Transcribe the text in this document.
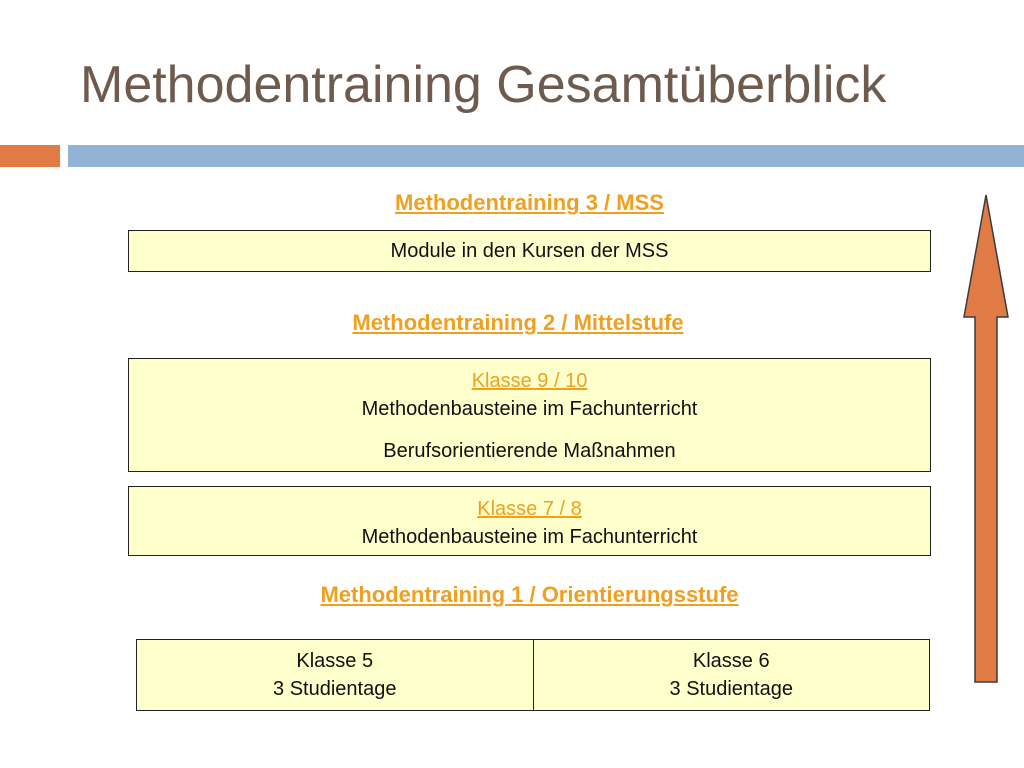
Methodentraining Gesamtüberblick
Methodentraining 3 / MSS
Module in den Kursen der MSS
Methodentraining 2 / Mittelstufe
Klasse 9 / 10
Methodenbausteine im Fachunterricht
Berufsorientierende Maßnahmen
Klasse 7 / 8
Methodenbausteine im Fachunterricht
Methodentraining 1 / Orientierungsstufe
Klasse 5
3 Studientage
Klasse 6
3 Studientage
